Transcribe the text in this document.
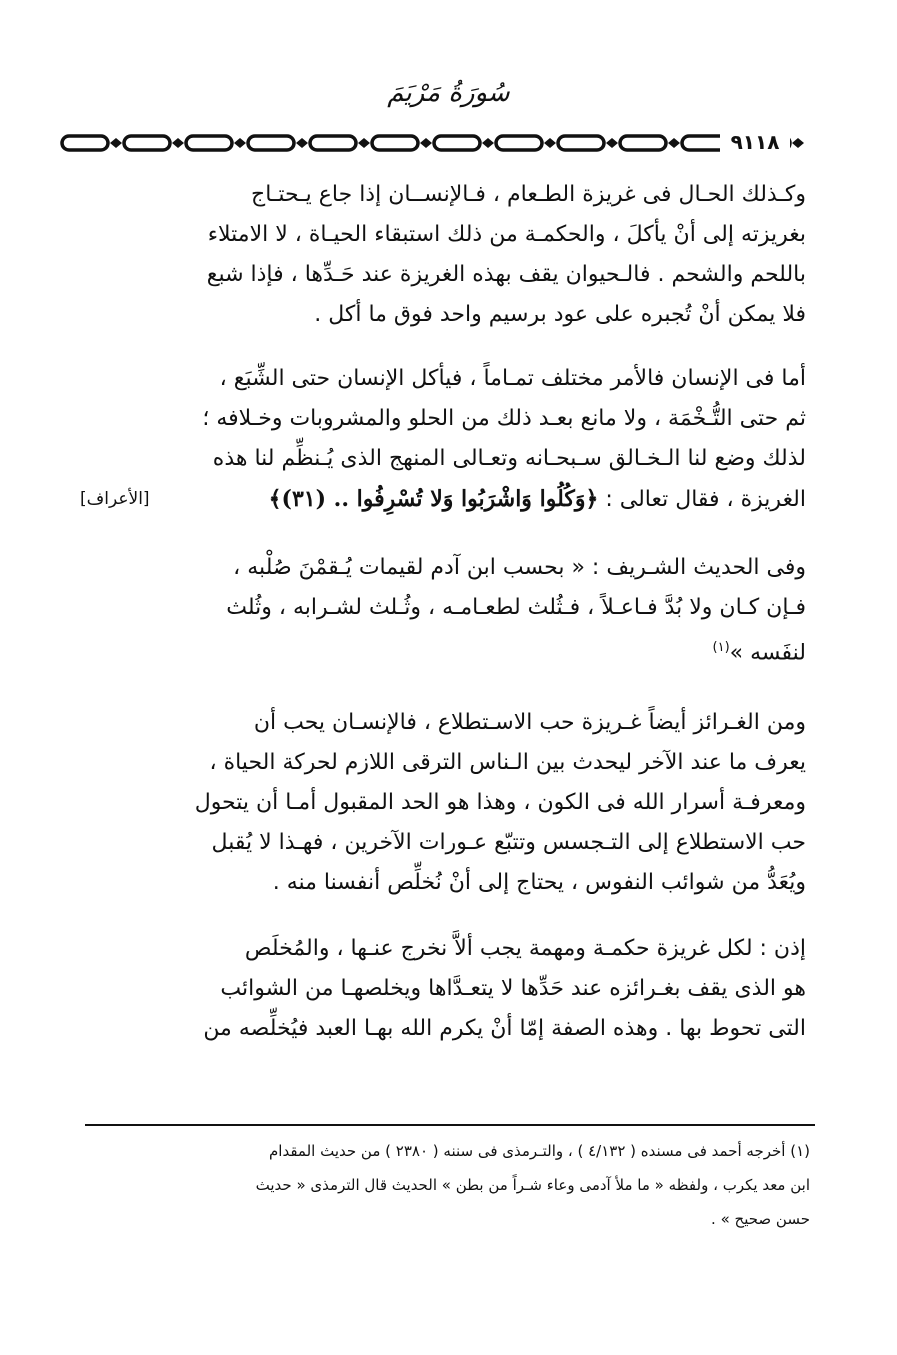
سُورَةُ مَرْيَمَ
٩١١٨

وكـذلك الحـال فى غريزة الطـعام ، فـالإنســان إذا جاع يـحتـاج
بغريزته إلى أنْ يأكلَ ، والحكمـة من ذلك استبقاء الحيـاة ، لا الامتلاء
باللحم والشحم . فالـحيوان يقف بهذه الغريزة عند حَـدِّها ، فإذا شبع
فلا يمكن أنْ تُجبره على عود برسيم واحد فوق ما أكل .

أما فى الإنسان فالأمر مختلف تمـاماً ، فيأكل الإنسان حتى الشِّبَع ،
ثم حتى التُّـخْمَة ، ولا مانع بعـد ذلك من الحلو والمشروبات وخـلافه ؛
لذلك وضع لنا الـخـالق سـبحـانه وتعـالى المنهج الذى يُـنظِّم لنا هذه
الغريزة ، فقال تعالى : ﴿وَكُلُوا وَاشْرَبُوا وَلا تُسْرِفُوا .. (٣١)﴾
[الأعراف]

وفى الحديث الشـريف : « بحسب ابن آدم لقيمات يُـقمْنَ صُلْبه ،
فـإن كـان ولا بُدَّ فـاعـلاً ، فـثُلث لطعـامـه ، وثُـلث لشـرابه ، وثُلث
لنفَسه »$^{(١)}$

ومن الغـرائز أيضاً غـريزة حب الاسـتطلاع ، فالإنسـان يحب أن
يعرف ما عند الآخر ليحدث بين الـناس الترقى اللازم لحركة الحياة ،
ومعرفـة أسرار الله فى الكون ، وهذا هو الحد المقبول أمـا أن يتحول
حب الاستطلاع إلى التـجسس وتتبّع عـورات الآخرين ، فهـذا لا يُقبل
ويُعَدُّ من شوائب النفوس ، يحتاج إلى أنْ نُخلِّص أنفسنا منه .

إذن : لكل غريزة حكمـة ومهمة يجب ألاَّ نخرج عنـها ، والمُخلَص
هو الذى يقف بغـرائزه عند حَدِّها لا يتعـدَّاها ويخلصهـا من الشوائب
التى تحوط بها . وهذه الصفة إمّا أنْ يكرم الله بهـا العبد فيُخلِّصه من

(١) أخرجه أحمد فى مسنده ( ٤/١٣٢ ) ، والتـرمذى فى سننه ( ٢٣٨٠ ) من حديث المقدام

ابن معد يكرب ، ولفظه « ما ملأ آدمى وعاء شـراً من بطن » الحديث قال الترمذى « حديث

حسن صحيح » .
